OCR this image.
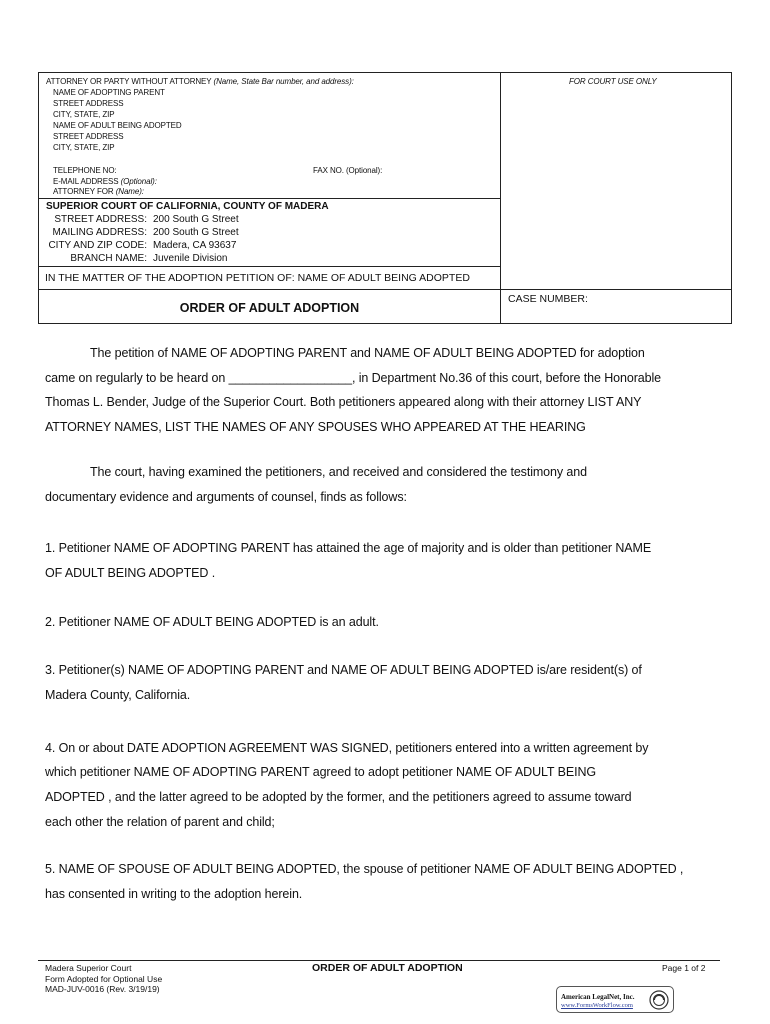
ATTORNEY OR PARTY WITHOUT ATTORNEY (Name, State Bar number, and address):
NAME OF ADOPTING PARENT
STREET ADDRESS
CITY, STATE, ZIP
NAME OF ADULT BEING ADOPTED
STREET ADDRESS
CITY, STATE, ZIP
TELEPHONE NO:	FAX NO. (Optional):
E-MAIL ADDRESS (Optional):
ATTORNEY FOR (Name):
FOR COURT USE ONLY
SUPERIOR COURT OF CALIFORNIA, COUNTY OF MADERA
STREET ADDRESS: 200 South G Street
MAILING ADDRESS: 200 South G Street
CITY AND ZIP CODE: Madera, CA 93637
BRANCH NAME: Juvenile Division
IN THE MATTER OF THE ADOPTION PETITION OF: NAME OF ADULT BEING ADOPTED
ORDER OF ADULT ADOPTION
CASE NUMBER:
The petition of NAME OF ADOPTING PARENT and NAME OF ADULT BEING ADOPTED for adoption
came on regularly to be heard on __________________, in Department No.36 of this court, before the Honorable
Thomas L. Bender, Judge of the Superior Court. Both petitioners appeared along with their attorney LIST ANY
ATTORNEY NAMES, LIST THE NAMES OF ANY SPOUSES WHO APPEARED AT THE HEARING
The court, having examined the petitioners, and received and considered the testimony and
documentary evidence and arguments of counsel, finds as follows:
1. Petitioner NAME OF ADOPTING PARENT has attained the age of majority and is older than petitioner NAME
OF ADULT BEING ADOPTED .
2. Petitioner NAME OF ADULT BEING ADOPTED is an adult.
3. Petitioner(s) NAME OF ADOPTING PARENT and NAME OF ADULT BEING ADOPTED is/are resident(s) of
Madera County, California.
4. On or about DATE ADOPTION AGREEMENT WAS SIGNED, petitioners entered into a written agreement by
which petitioner NAME OF ADOPTING PARENT agreed to adopt petitioner NAME OF ADULT BEING
ADOPTED , and the latter agreed to be adopted by the former, and the petitioners agreed to assume toward
each other the relation of parent and child;
5. NAME OF SPOUSE OF ADULT BEING ADOPTED, the spouse of petitioner NAME OF ADULT BEING ADOPTED ,
has consented in writing to the adoption herein.
Madera Superior Court
Form Adopted for Optional Use
MAD-JUV-0016 (Rev. 3/19/19)
ORDER OF ADULT ADOPTION	Page 1 of 2
American LegalNet, Inc.
www.FormsWorkFlow.com
